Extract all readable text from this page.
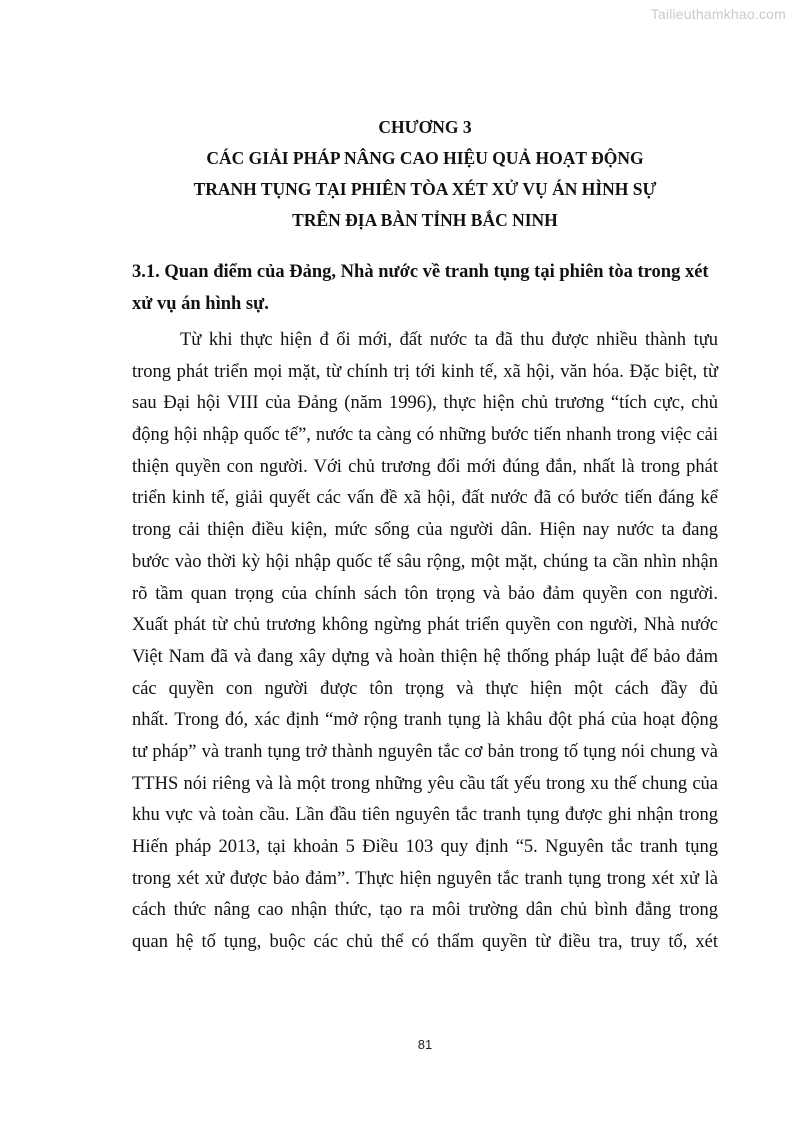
Tailieuthamkhao.com
CHƯƠNG 3
CÁC GIẢI PHÁP NÂNG CAO HIỆU QUẢ HOẠT ĐỘNG
TRANH TỤNG TẠI PHIÊN TÒA XÉT XỬ VỤ ÁN HÌNH SỰ
TRÊN ĐỊA BÀN TỈNH BẮC NINH
3.1. Quan điểm của Đảng, Nhà nước về tranh tụng tại phiên tòa trong xét
xử vụ án hình sự.
Từ khi thực hiện đ ổi mới, đất nước ta đã thu được nhiều thành tựu
trong phát triển mọi mặt, từ chính trị tới kinh tế, xã hội, văn hóa. Đặc biệt, từ
sau Đại hội VIII của Đảng (năm 1996), thực hiện chủ trương “tích cực, chủ
động hội nhập quốc tế”, nước ta càng có những bước tiến nhanh trong việc cải
thiện quyền con người. Với chủ trương đổi mới đúng đắn, nhất là trong phát
triển kinh tế, giải quyết các vấn đề xã hội, đất nước đã có bước tiến đáng kể
trong cải thiện điều kiện, mức sống của người dân. Hiện nay nước ta đang
bước vào thời kỳ hội nhập quốc tế sâu rộng, một mặt, chúng ta cần nhìn nhận
rõ tầm quan trọng của chính sách tôn trọng và bảo đảm quyền con người.
Xuất phát từ chủ trương không ngừng phát triển quyền con người, Nhà nước
Việt Nam đã và đang xây dựng và hoàn thiện hệ thống pháp luật để bảo đảm
các quyền con người được tôn trọng và thực hiện một cách đầy đủ
nhất. Trong đó, xác định “mở rộng tranh tụng là khâu đột phá của hoạt động
tư pháp” và tranh tụng trở thành nguyên tắc cơ bản trong tố tụng nói chung và
TTHS nói riêng và là một trong những yêu cầu tất yếu trong xu thế chung của
khu vực và toàn cầu. Lần đầu tiên nguyên tắc tranh tụng được ghi nhận trong
Hiến pháp 2013, tại khoản 5 Điều 103 quy định “5. Nguyên tắc tranh tụng
trong xét xử được bảo đảm”. Thực hiện nguyên tắc tranh tụng trong xét xử là
cách thức nâng cao nhận thức, tạo ra môi trường dân chủ bình đẳng trong
quan hệ tố tụng, buộc các chủ thể có thẩm quyền từ điều tra, truy tố, xét
81
